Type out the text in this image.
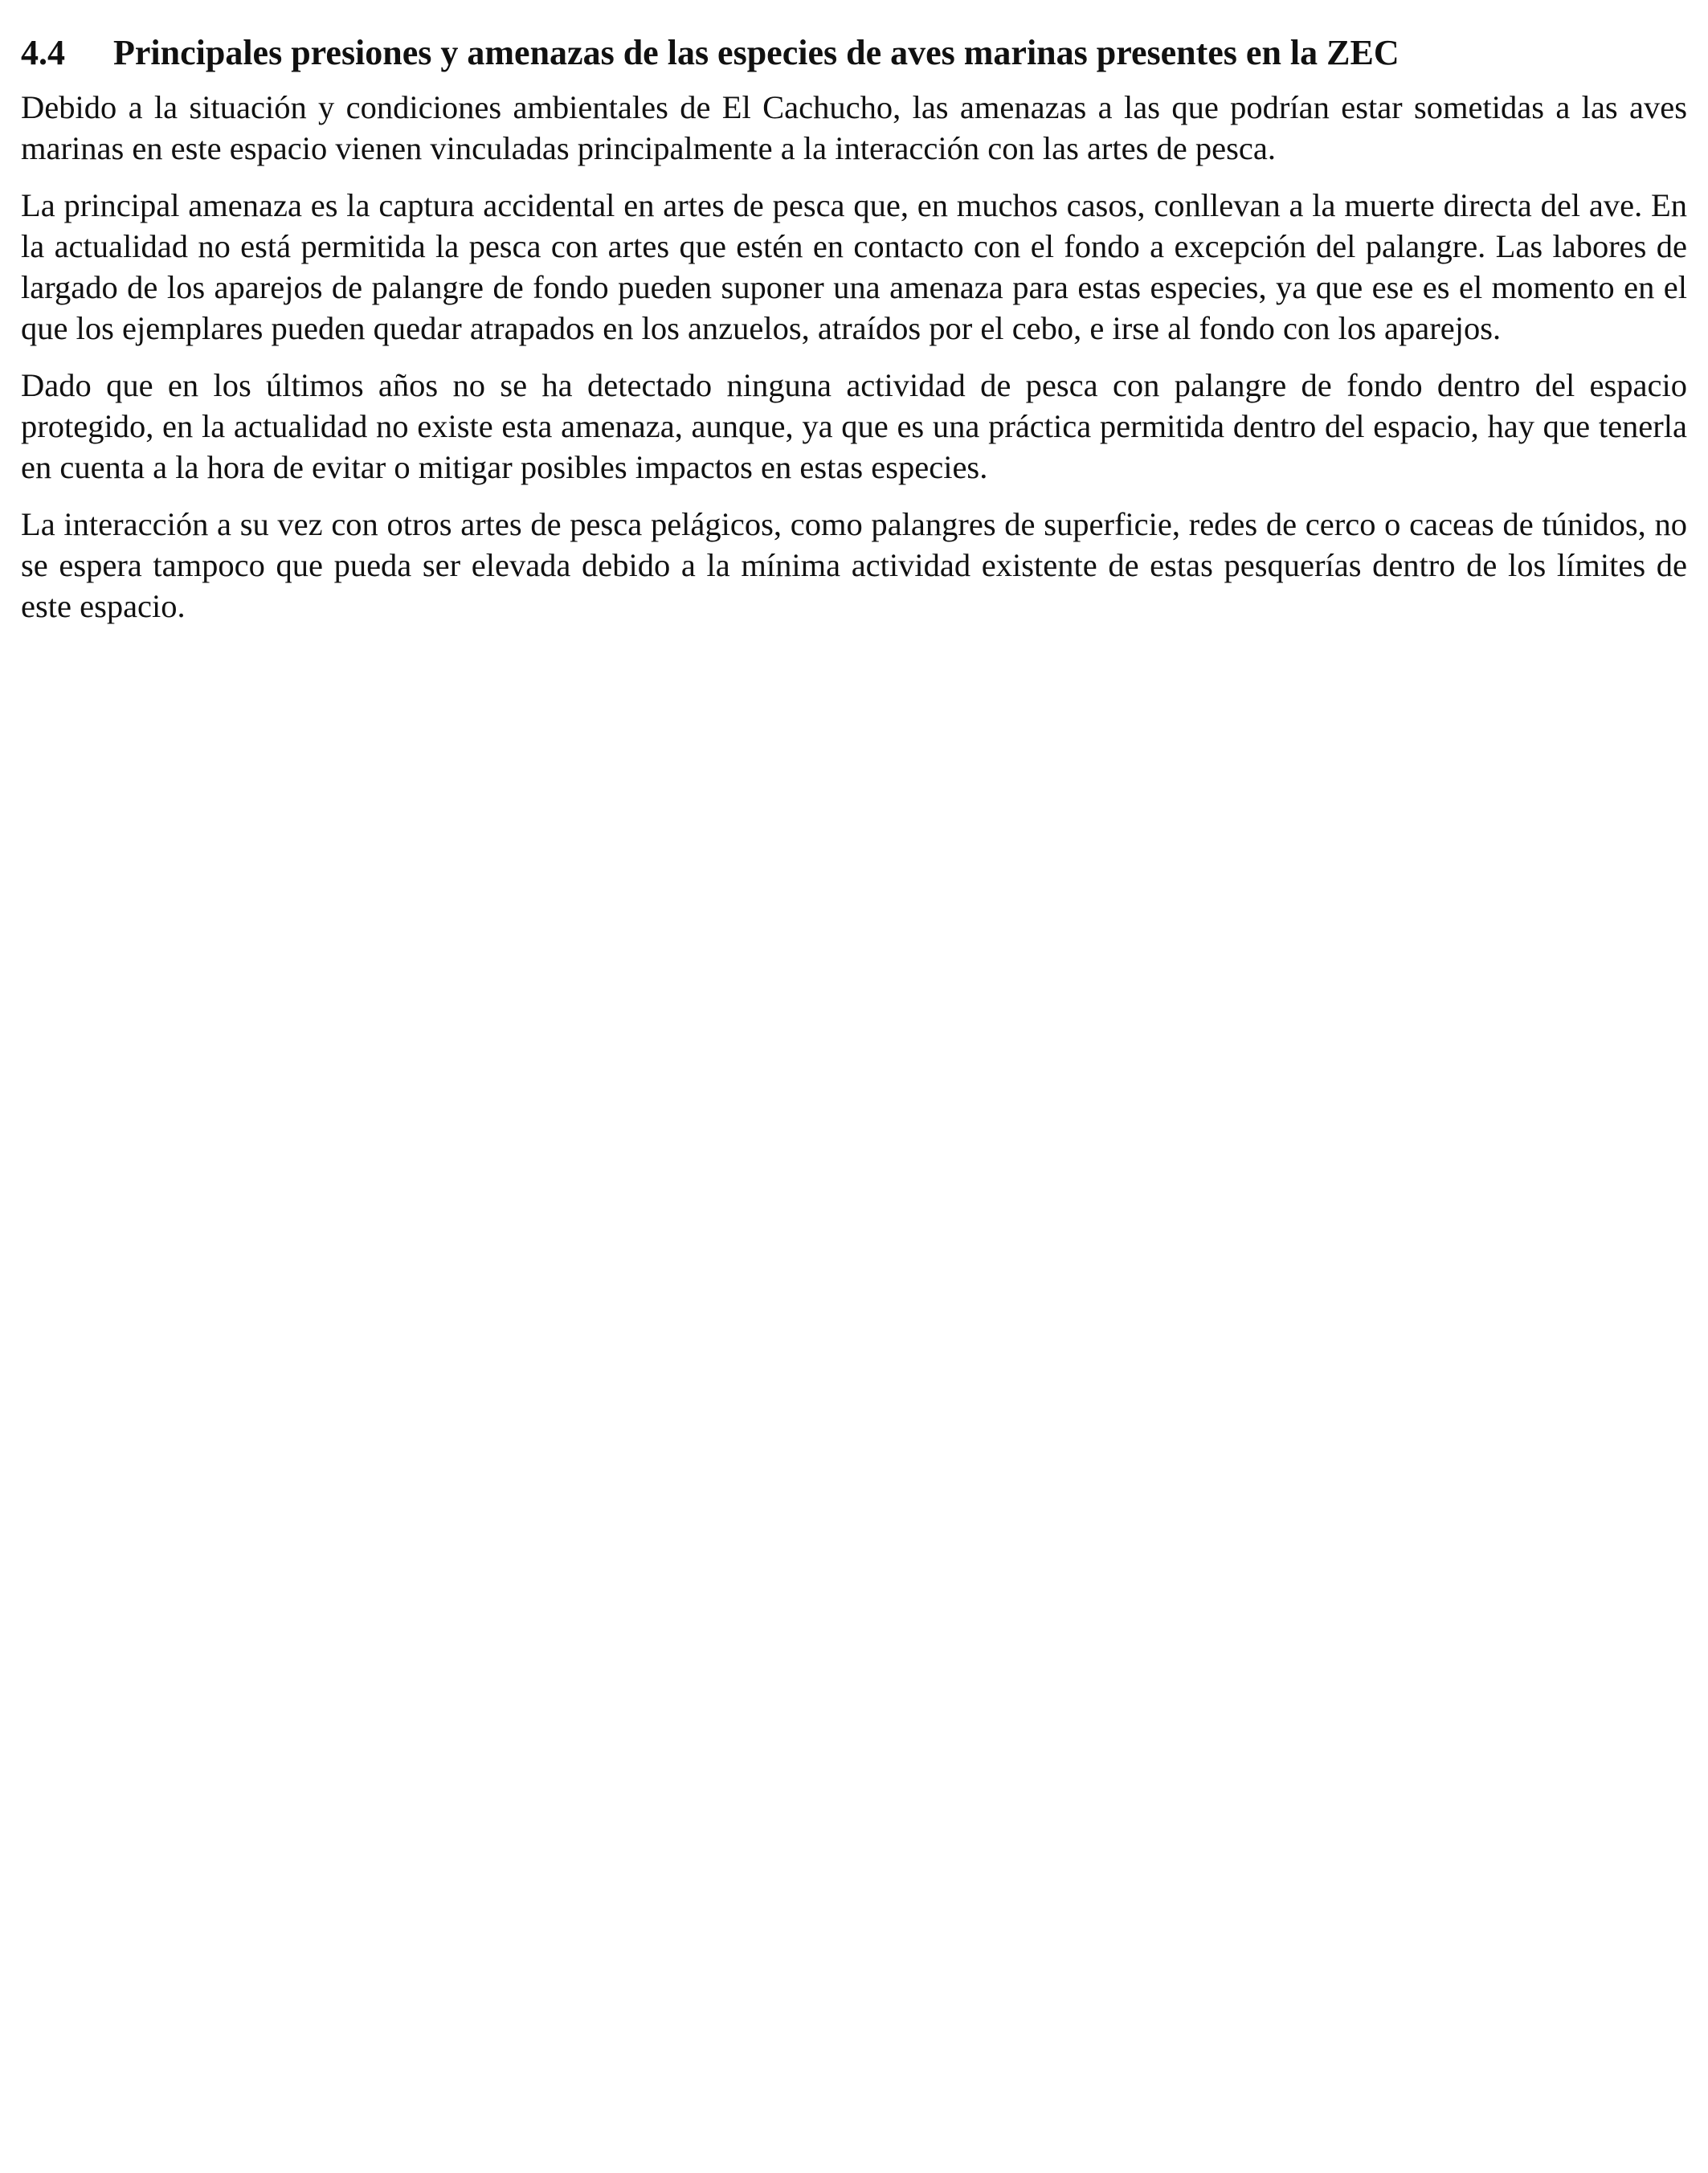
4.4	Principales presiones y amenazas de las especies de aves marinas presentes en la ZEC

Debido a la situación y condiciones ambientales de El Cachucho, las amenazas a las que podrían estar sometidas a las aves marinas en este espacio vienen vinculadas principalmente a la interacción con las artes de pesca.

La principal amenaza es la captura accidental en artes de pesca que, en muchos casos, conllevan a la muerte directa del ave. En la actualidad no está permitida la pesca con artes que estén en contacto con el fondo a excepción del palangre. Las labores de largado de los aparejos de palangre de fondo pueden suponer una amenaza para estas especies, ya que ese es el momento en el que los ejemplares pueden quedar atrapados en los anzuelos, atraídos por el cebo, e irse al fondo con los aparejos.

Dado que en los últimos años no se ha detectado ninguna actividad de pesca con palangre de fondo dentro del espacio protegido, en la actualidad no existe esta amenaza, aunque, ya que es una práctica permitida dentro del espacio, hay que tenerla en cuenta a la hora de evitar o mitigar posibles impactos en estas especies.

La interacción a su vez con otros artes de pesca pelágicos, como palangres de superficie, redes de cerco o caceas de túnidos, no se espera tampoco que pueda ser elevada debido a la mínima actividad existente de estas pesquerías dentro de los límites de este espacio.
